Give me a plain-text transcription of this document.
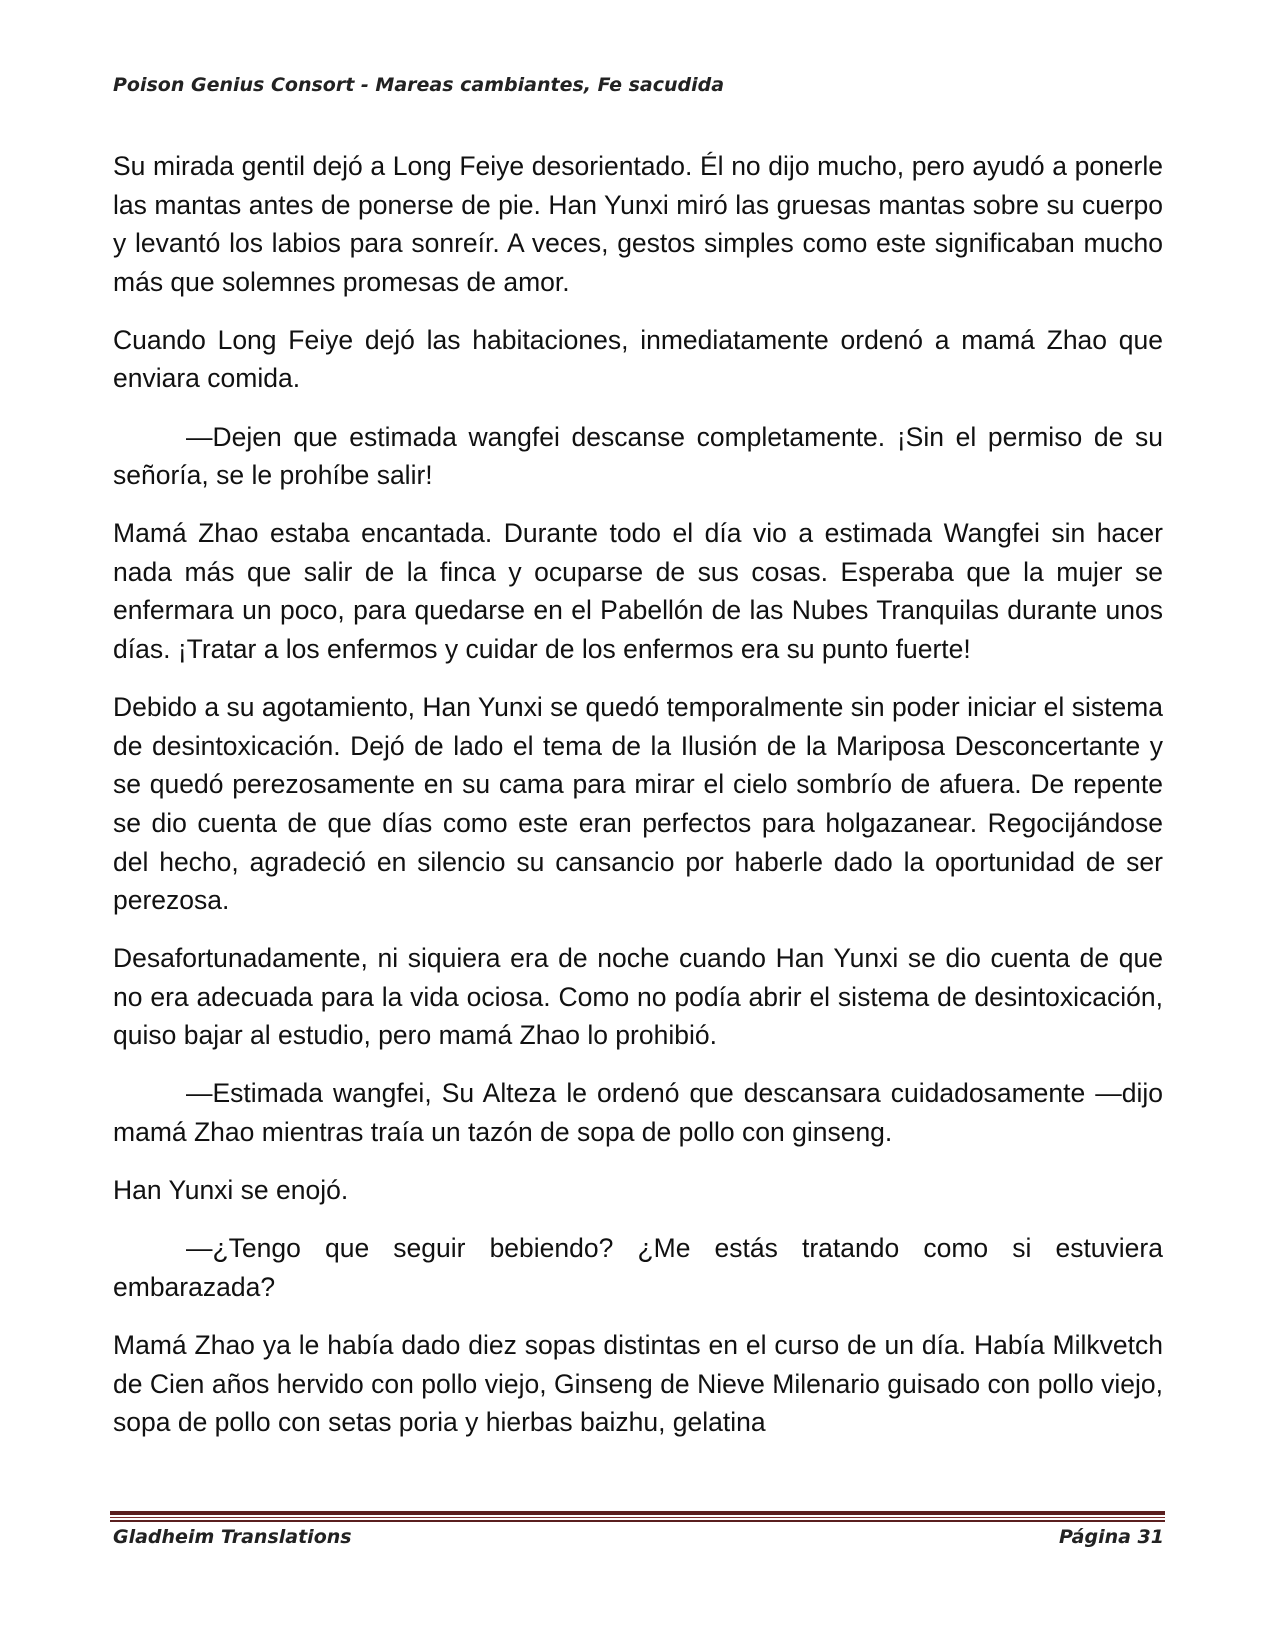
Poison Genius Consort - Mareas cambiantes, Fe sacudida

Su mirada gentil dejó a Long Feiye desorientado. Él no dijo mucho, pero ayudó a ponerle las mantas antes de ponerse de pie. Han Yunxi miró las gruesas mantas sobre su cuerpo y levantó los labios para sonreír. A veces, gestos simples como este significaban mucho más que solemnes promesas de amor.

Cuando Long Feiye dejó las habitaciones, inmediatamente ordenó a mamá Zhao que enviara comida.

—Dejen que estimada wangfei descanse completamente. ¡Sin el permiso de su señoría, se le prohíbe salir!

Mamá Zhao estaba encantada. Durante todo el día vio a estimada Wangfei sin hacer nada más que salir de la finca y ocuparse de sus cosas. Esperaba que la mujer se enfermara un poco, para quedarse en el Pabellón de las Nubes Tranquilas durante unos días. ¡Tratar a los enfermos y cuidar de los enfermos era su punto fuerte!

Debido a su agotamiento, Han Yunxi se quedó temporalmente sin poder iniciar el sistema de desintoxicación. Dejó de lado el tema de la Ilusión de la Mariposa Desconcertante y se quedó perezosamente en su cama para mirar el cielo sombrío de afuera. De repente se dio cuenta de que días como este eran perfectos para holgazanear. Regocijándose del hecho, agradeció en silencio su cansancio por haberle dado la oportunidad de ser perezosa.

Desafortunadamente, ni siquiera era de noche cuando Han Yunxi se dio cuenta de que no era adecuada para la vida ociosa. Como no podía abrir el sistema de desintoxicación, quiso bajar al estudio, pero mamá Zhao lo prohibió.

—Estimada wangfei, Su Alteza le ordenó que descansara cuidadosamente —dijo mamá Zhao mientras traía un tazón de sopa de pollo con ginseng.

Han Yunxi se enojó.

—¿Tengo que seguir bebiendo? ¿Me estás tratando como si estuviera embarazada?

Mamá Zhao ya le había dado diez sopas distintas en el curso de un día. Había Milkvetch de Cien años hervido con pollo viejo, Ginseng de Nieve Milenario guisado con pollo viejo, sopa de pollo con setas poria y hierbas baizhu, gelatina

Gladheim Translations	Página 31
